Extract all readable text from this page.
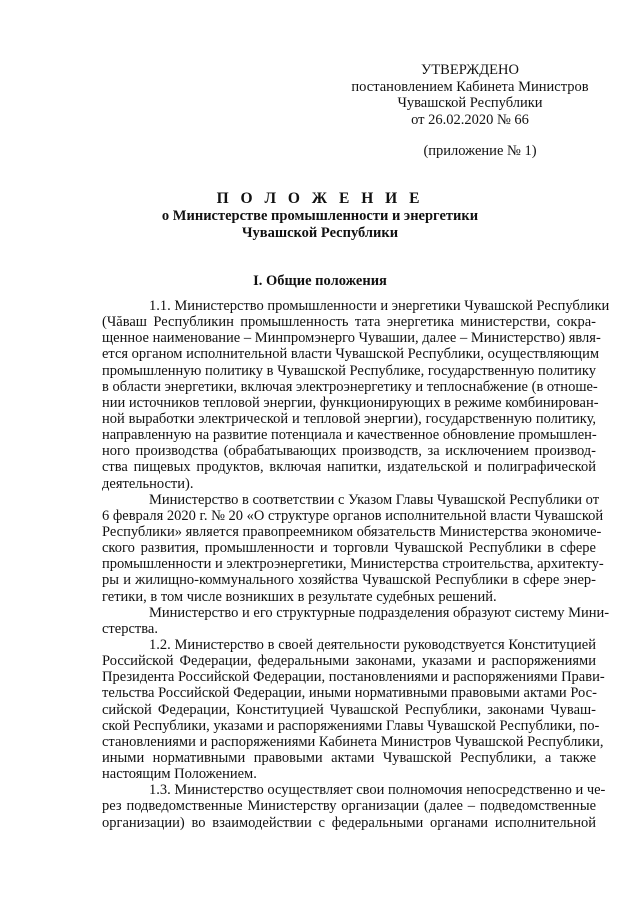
УТВЕРЖДЕНО
постановлением Кабинета Министров
Чувашской Республики
от 26.02.2020 № 66
(приложение № 1)
П О Л О Ж Е Н И Е
о Министерстве промышленности и энергетики
Чувашской Республики
I. Общие положения
1.1. Министерство промышленности и энергетики Чувашской Республики
(Чăваш Республикин промышленность тата энергетика министерстви, сокра-
щенное наименование – Минпромэнерго Чувашии, далее – Министерство) явля-
ется органом исполнительной власти Чувашской Республики, осуществляющим
промышленную политику в Чувашской Республике, государственную политику
в области энергетики, включая электроэнергетику и теплоснабжение (в отноше-
нии источников тепловой энергии, функционирующих в режиме комбинирован-
ной выработки электрической и тепловой энергии), государственную политику,
направленную на развитие потенциала и качественное обновление промышлен-
ного производства (обрабатывающих производств, за исключением производ-
ства пищевых продуктов, включая напитки, издательской и полиграфической
деятельности).
Министерство в соответствии с Указом Главы Чувашской Республики от
6 февраля 2020 г. № 20 «О структуре органов исполнительной власти Чувашской
Республики» является правопреемником обязательств Министерства экономиче-
ского развития, промышленности и торговли Чувашской Республики в сфере
промышленности и электроэнергетики, Министерства строительства, архитекту-
ры и жилищно-коммунального хозяйства Чувашской Республики в сфере энер-
гетики, в том числе возникших в результате судебных решений.
Министерство и его структурные подразделения образуют систему Мини-
стерства.
1.2. Министерство в своей деятельности руководствуется Конституцией
Российской Федерации, федеральными законами, указами и распоряжениями
Президента Российской Федерации, постановлениями и распоряжениями Прави-
тельства Российской Федерации, иными нормативными правовыми актами Рос-
сийской Федерации, Конституцией Чувашской Республики, законами Чуваш-
ской Республики, указами и распоряжениями Главы Чувашской Республики, по-
становлениями и распоряжениями Кабинета Министров Чувашской Республики,
иными нормативными правовыми актами Чувашской Республики, а также
настоящим Положением.
1.3. Министерство осуществляет свои полномочия непосредственно и че-
рез подведомственные Министерству организации (далее – подведомственные
организации) во взаимодействии с федеральными органами исполнительной
